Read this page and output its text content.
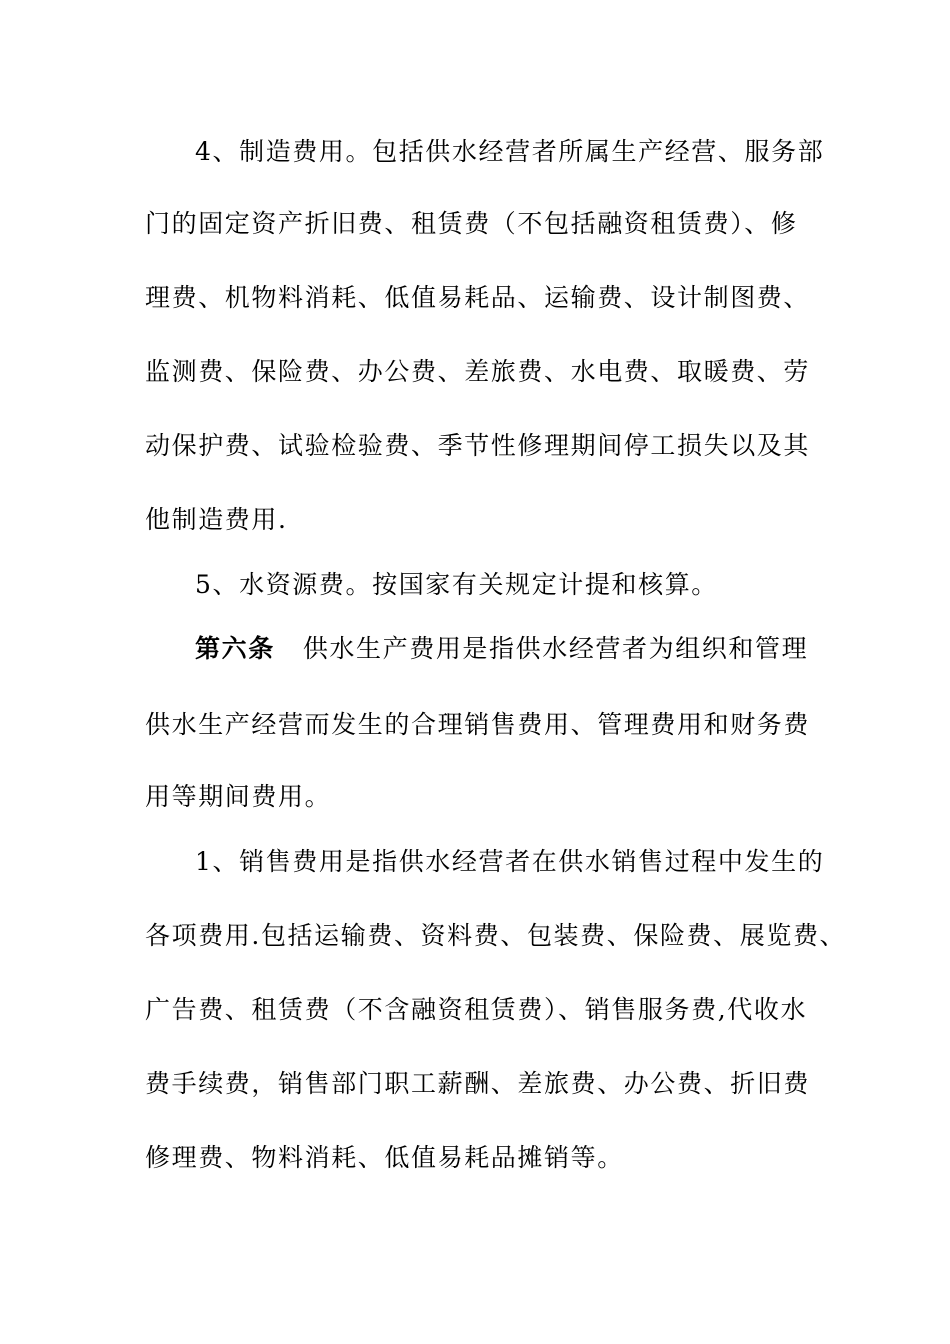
4、制造费用。包括供水经营者所属生产经营、服务部
门的固定资产折旧费、租赁费（不包括融资租赁费）、修
理费、机物料消耗、低值易耗品、运输费、设计制图费、
监测费、保险费、办公费、差旅费、水电费、取暖费、劳
动保护费、试验检验费、季节性修理期间停工损失以及其
他制造费用.
5、水资源费。按国家有关规定计提和核算。
第六条 供水生产费用是指供水经营者为组织和管理
供水生产经营而发生的合理销售费用、管理费用和财务费
用等期间费用。
1、销售费用是指供水经营者在供水销售过程中发生的
各项费用.包括运输费、资料费、包装费、保险费、展览费、
广告费、租赁费（不含融资租赁费）、销售服务费,代收水
费手续费，销售部门职工薪酬、差旅费、办公费、折旧费
修理费、物料消耗、低值易耗品摊销等。
